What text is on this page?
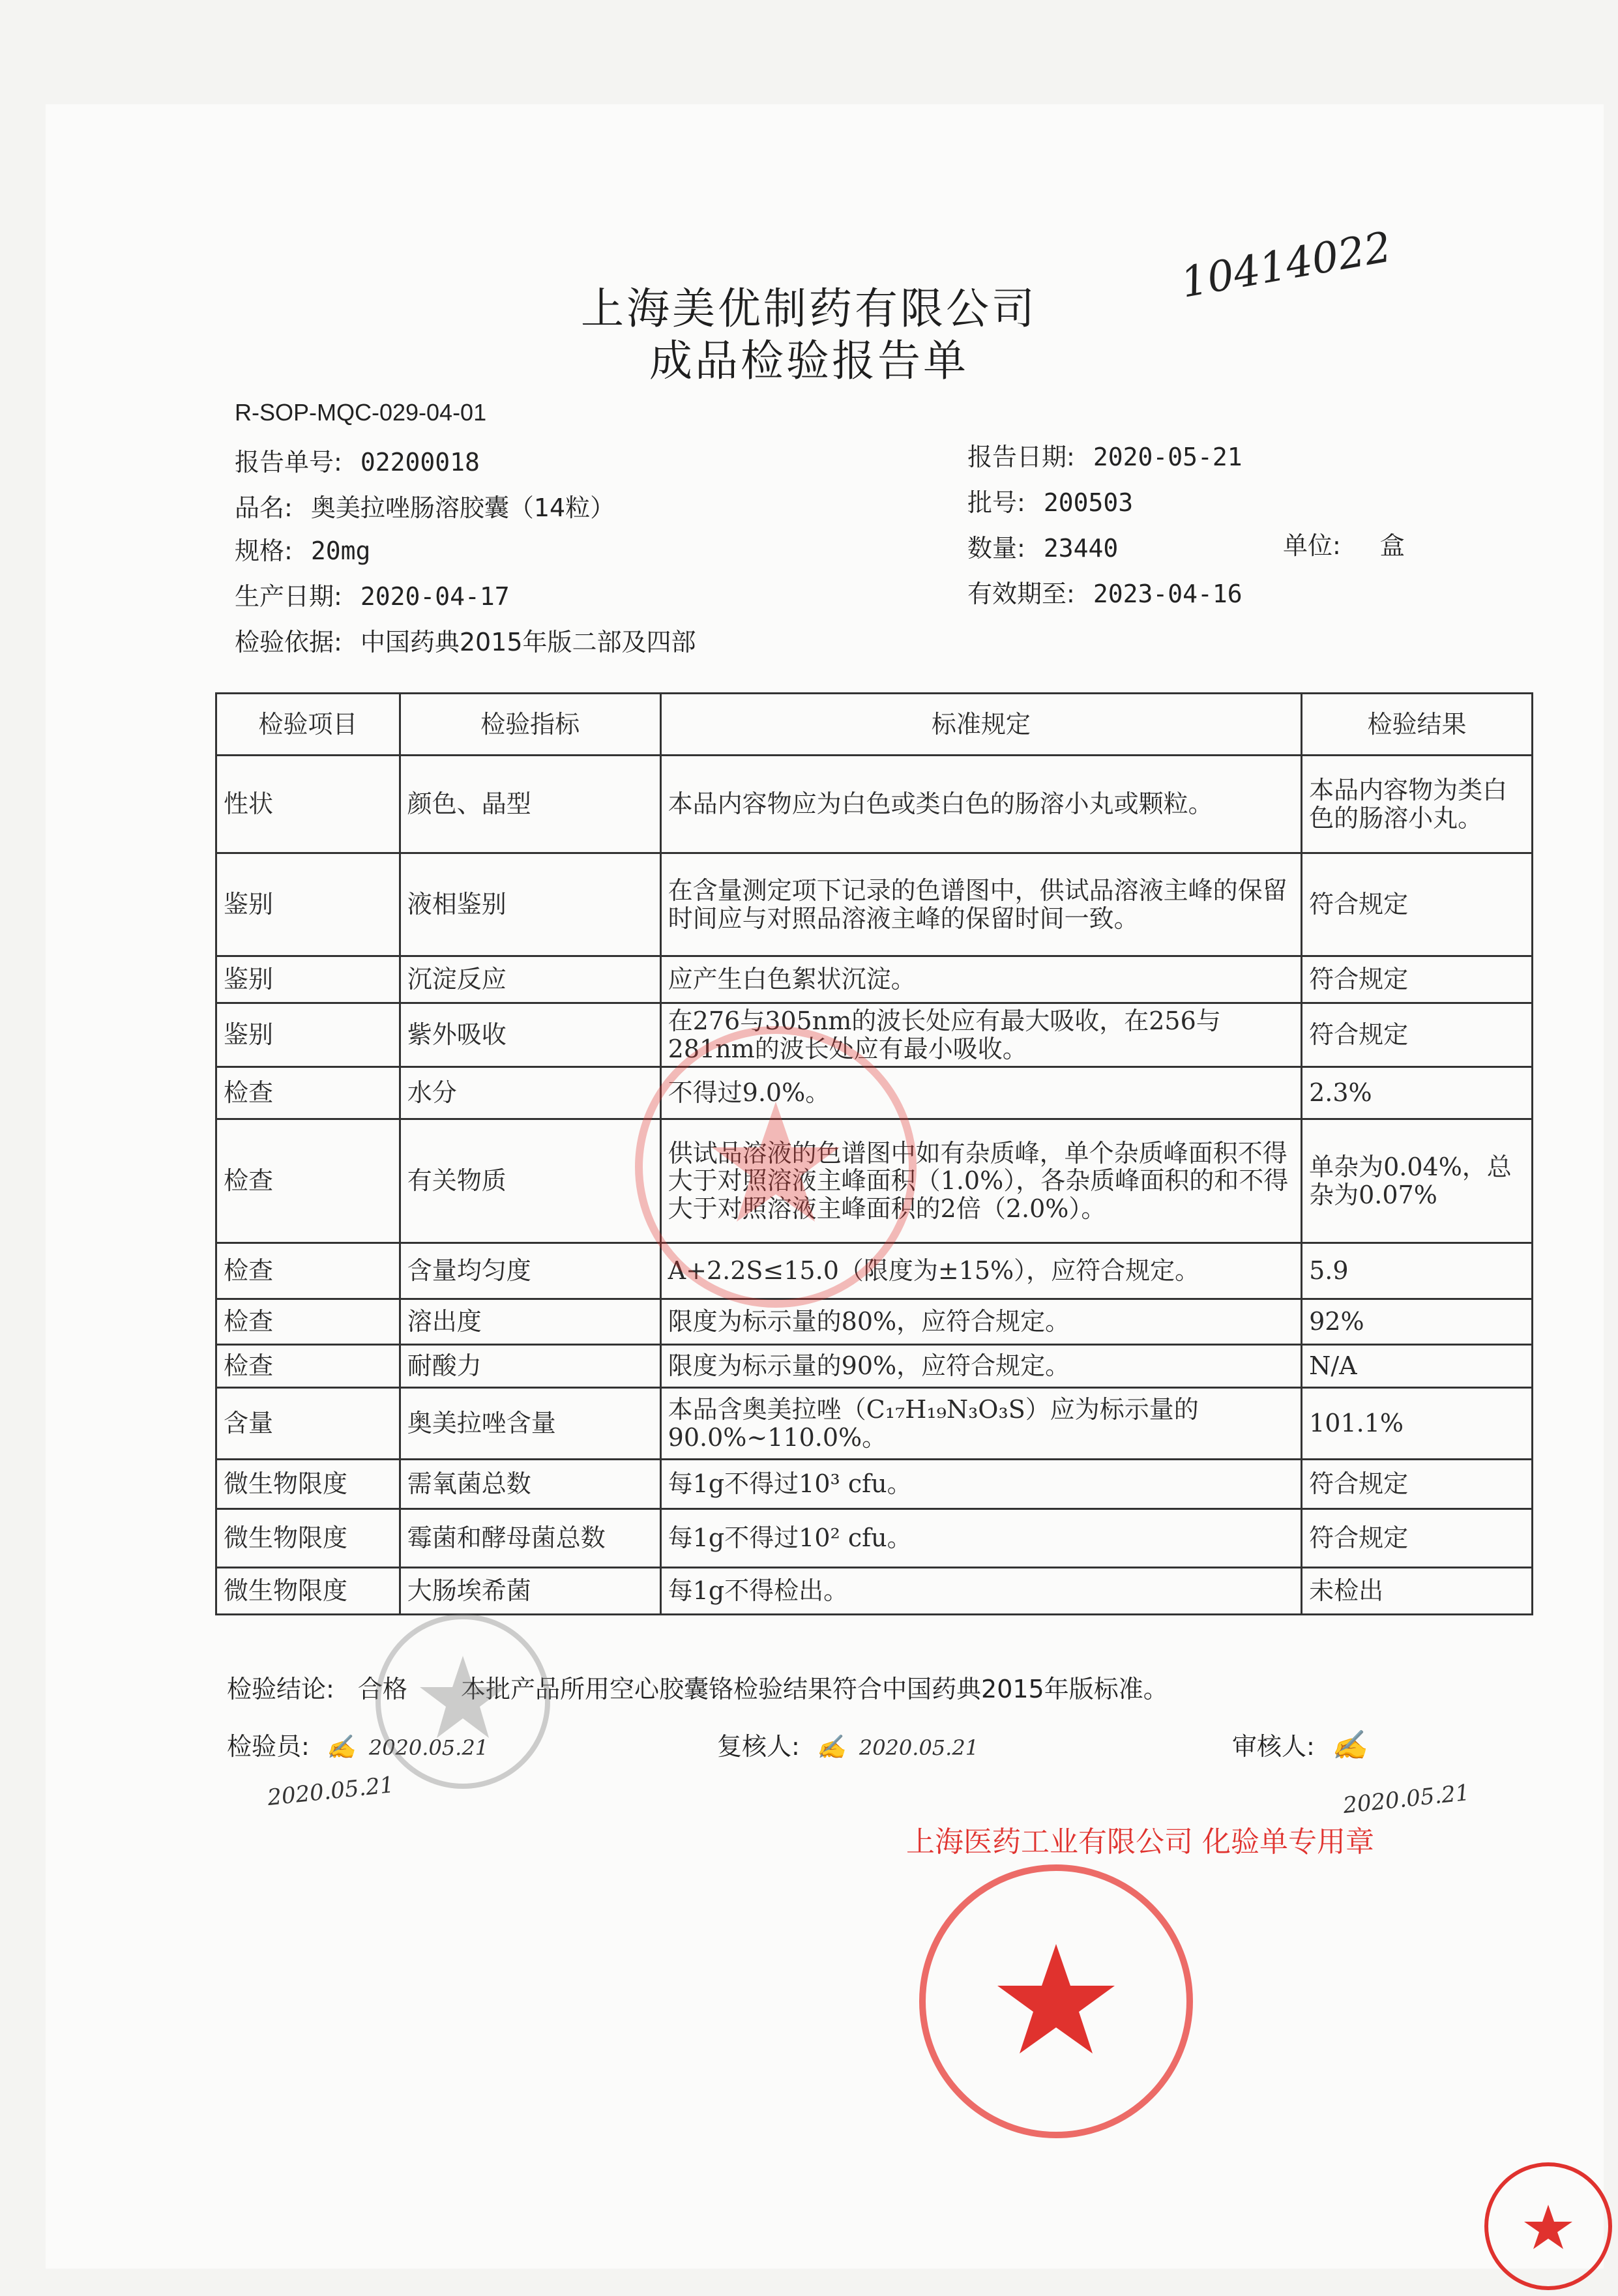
上海美优制药有限公司
成品检验报告单
10414022
R-SOP-MQC-029-04-01
报告单号: 02200018	报告日期: 2020-05-21
品名: 奥美拉唑肠溶胶囊（14粒）	批号: 200503
规格: 20mg	数量: 23440	单位: 盒
生产日期: 2020-04-17	有效期至: 2023-04-16
检验依据: 中国药典2015年版二部及四部
检验项目	检验指标	标准规定	检验结果
性状	颜色、晶型	本品内容物应为白色或类白色的肠溶小丸或颗粒。	本品内容物为类白色的肠溶小丸。
鉴别	液相鉴别	在含量测定项下记录的色谱图中，供试品溶液主峰的保留时间应与对照品溶液主峰的保留时间一致。	符合规定
鉴别	沉淀反应	应产生白色絮状沉淀。	符合规定
鉴别	紫外吸收	在276与305nm的波长处应有最大吸收，在256与281nm的波长处应有最小吸收。	符合规定
检查	水分	不得过9.0%。	2.3%
检查	有关物质	供试品溶液的色谱图中如有杂质峰，单个杂质峰面积不得大于对照溶液主峰面积（1.0%），各杂质峰面积的和不得大于对照溶液主峰面积的2倍（2.0%）。	单杂为0.04%，总杂为0.07%
检查	含量均匀度	A+2.2S≤15.0（限度为±15%），应符合规定。	5.9
检查	溶出度	限度为标示量的80%，应符合规定。	92%
检查	耐酸力	限度为标示量的90%，应符合规定。	N/A
含量	奥美拉唑含量	本品含奥美拉唑（C₁₇H₁₉N₃O₃S）应为标示量的90.0%~110.0%。	101.1%
微生物限度	需氧菌总数	每1g不得过10³ cfu。	符合规定
微生物限度	霉菌和酵母菌总数	每1g不得过10² cfu。	符合规定
微生物限度	大肠埃希菌	每1g不得检出。	未检出
检验结论: 合格 本批产品所用空心胶囊铬检验结果符合中国药典2015年版标准。
检验员: ✍ 2020.05.21	复核人: ✍ 2020.05.21	审核人: ✍
2020.05.21
2020.05.21
上海医药工业有限公司 化验单专用章
